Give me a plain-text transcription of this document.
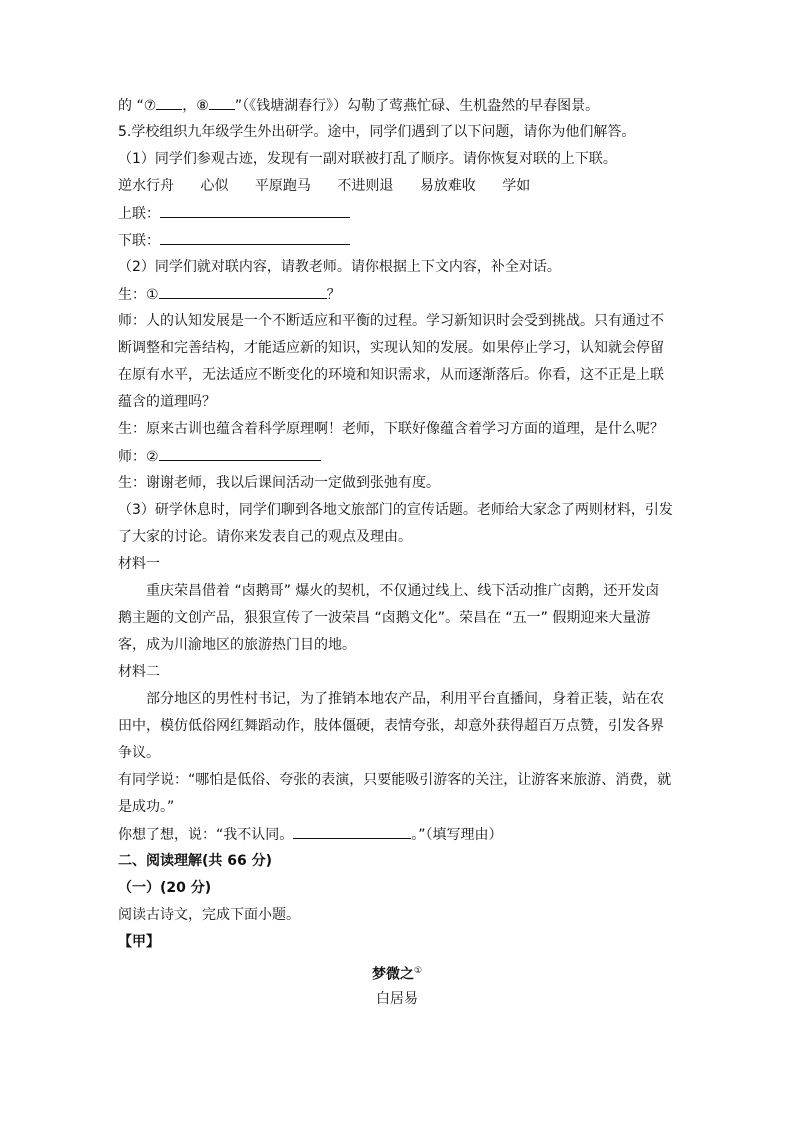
的 “⑦ ，⑧ ”（《钱塘湖春行》）勾勒了莺燕忙碌、生机盎然的早春图景。
5.学校组织九年级学生外出研学。途中，同学们遇到了以下问题，请你为他们解答。
（1）同学们参观古迹，发现有一副对联被打乱了顺序。请你恢复对联的上下联。
逆水行舟 心似 平原跑马 不进则退 易放难收 学如
上联：
下联：
（2）同学们就对联内容，请教老师。请你根据上下文内容，补全对话。
生：①	？
师：人的认知发展是一个不断适应和平衡的过程。学习新知识时会受到挑战。只有通过不
断调整和完善结构，才能适应新的知识，实现认知的发展。如果停止学习，认知就会停留
在原有水平，无法适应不断变化的环境和知识需求，从而逐渐落后。你看，这不正是上联
蕴含的道理吗？
生：原来古训也蕴含着科学原理啊！老师，下联好像蕴含着学习方面的道理，是什么呢？
师：②
生：谢谢老师，我以后课间活动一定做到张弛有度。
（3）研学休息时，同学们聊到各地文旅部门的宣传话题。老师给大家念了两则材料，引发
了大家的讨论。请你来发表自己的观点及理由。
材料一
重庆荣昌借着 “卤鹅哥” 爆火的契机，不仅通过线上、线下活动推广卤鹅，还开发卤
鹅主题的文创产品，狠狠宣传了一波荣昌 “卤鹅文化”。荣昌在 “五一” 假期迎来大量游
客，成为川渝地区的旅游热门目的地。
材料二
部分地区的男性村书记，为了推销本地农产品，利用平台直播间，身着正装，站在农
田中，模仿低俗网红舞蹈动作，肢体僵硬，表情夸张，却意外获得超百万点赞，引发各界
争议。
有同学说：“哪怕是低俗、夸张的表演，只要能吸引游客的关注，让游客来旅游、消费，就
是成功。”
你想了想，说：“我不认同。	。”（填写理由）
二、阅读理解(共 66 分)
（一）(20 分)
阅读古诗文，完成下面小题。
【甲】
梦微之①
白居易
